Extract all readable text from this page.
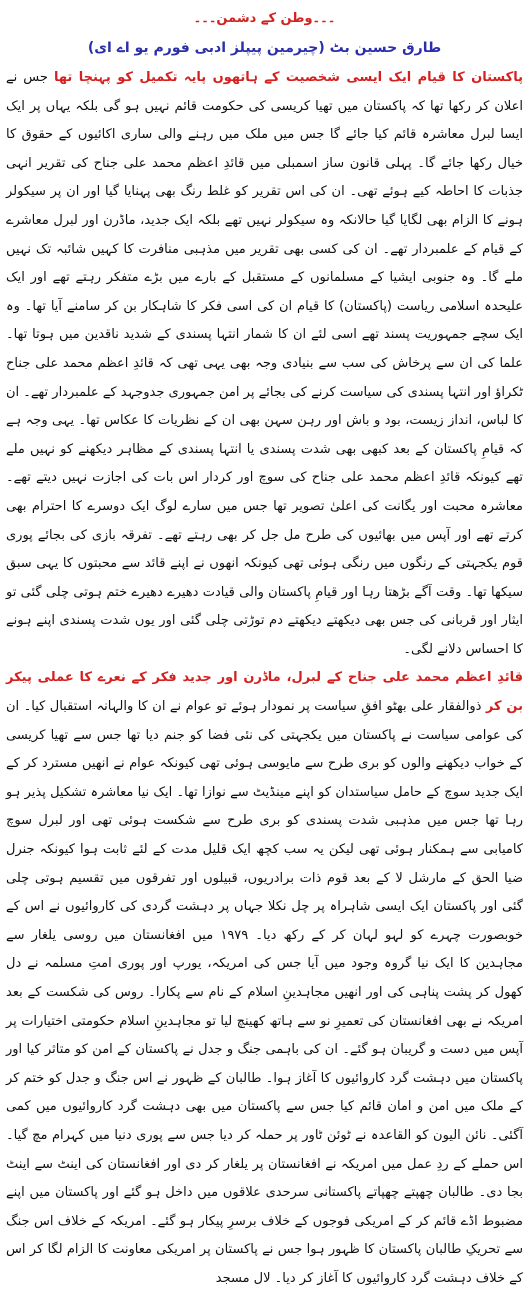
۔۔۔وطن کے دشمن۔۔۔
طارق حسین بٹ (چیرمین پیپلز ادبی فورم یو اے ای)

پاکستان کا قیام ایک ایسی شخصیت کے ہاتھوں پایہ تکمیل کو پہنچا تھا جس نے اعلان کر رکھا تھا کہ پاکستان میں تھیا کریسی کی حکومت قائم نہیں ہو گی بلکہ یہاں پر ایک ایسا لبرل معاشرہ قائم کیا جائے گا جس میں ملک میں رہنے والی ساری اکائیوں کے حقوق کا خیال رکھا جائے گا۔ پہلی قانون ساز اسمبلی میں قائدِ اعظم محمد علی جناح کی تقریر انہی جذبات کا احاطہ کیے ہوئے تھی۔ ان کی اس تقریر کو غلط رنگ بھی پہنایا گیا اور ان پر سیکولر ہونے کا الزام بھی لگایا گیا حالانکہ وہ سیکولر نہیں تھے بلکہ ایک جدید، ماڈرن اور لبرل معاشرے کے قیام کے علمبردار تھے۔ ان کی کسی بھی تقریر میں مذہبی منافرت کا کہیں شائبہ تک نہیں ملے گا۔ وہ جنوبی ایشیا کے مسلمانوں کے مستقبل کے بارے میں بڑے متفکر رہتے تھے اور ایک علیحدہ اسلامی ریاست (پاکستان) کا قیام ان کی اسی فکر کا شاہکار بن کر سامنے آیا تھا۔ وہ ایک سچے جمہوریت پسند تھے اسی لئے ان کا شمار انتہا پسندی کے شدید ناقدین میں ہوتا تھا۔ علما کی ان سے پرخاش کی سب سے بنیادی وجہ بھی یہی تھی کہ قائدِ اعظم محمد علی جناح ٹکراؤ اور انتہا پسندی کی سیاست کرنے کی بجائے پر امن جمہوری جدوجہد کے علمبردار تھے۔ ان کا لباس، انداز زیست، بود و باش اور رہن سہن بھی ان کے نظریات کا عکاس تھا۔ یہی وجہ ہے کہ قیامِ پاکستان کے بعد کبھی بھی شدت پسندی یا انتہا پسندی کے مظاہر دیکھنے کو نہیں ملے تھے کیونکہ قائدِ اعظم محمد علی جناح کی سوچ اور کردار اس بات کی اجازت نہیں دیتے تھے۔ معاشرہ محبت اور یگانت کی اعلیٰ تصویر تھا جس میں سارے لوگ ایک دوسرے کا احترام بھی کرتے تھے اور آپس میں بھائیوں کی طرح مل جل کر بھی رہتے تھے۔ تفرقہ بازی کی بجائے پوری قوم یکجہتی کے رنگوں میں رنگی ہوئی تھی کیونکہ انھوں نے اپنے قائد سے محبتوں کا یہی سبق سیکھا تھا۔ وقت آگے بڑھتا رہا اور قیامِ پاکستان والی قیادت دھیرے دھیرے ختم ہوتی چلی گئی تو ایثار اور قربانی کی جس بھی دیکھتے دیکھتے دم توڑتی چلی گئی اور یوں شدت پسندی اپنے ہونے کا احساس دلانے لگی۔

قائدِ اعظم محمد علی جناح کے لبرل، ماڈرن اور جدید فکر کے نعرے کا عملی پیکر بن کر ذوالفقار علی بھٹو افقِ سیاست پر نمودار ہوئے تو عوام نے ان کا والہانہ استقبال کیا۔ ان کی عوامی سیاست نے پاکستان میں یکجہتی کی نئی فضا کو جنم دیا تھا جس سے تھیا کریسی کے خواب دیکھنے والوں کو بری طرح سے مایوسی ہوئی تھی کیونکہ عوام نے انھیں مسترد کر کے ایک جدید سوچ کے حامل سیاستدان کو اپنے مینڈیٹ سے نوازا تھا۔ ایک نیا معاشرہ تشکیل پذیر ہو رہا تھا جس میں مذہبی شدت پسندی کو بری طرح سے شکست ہوئی تھی اور لبرل سوچ کامیابی سے ہمکنار ہوئی تھی لیکن یہ سب کچھ ایک قلیل مدت کے لئے ثابت ہوا کیونکہ جنرل ضیا الحق کے مارشل لا کے بعد قوم ذات برادریوں، قبیلوں اور تفرقوں میں تقسیم ہوتی چلی گئی اور پاکستان ایک ایسی شاہراہ پر چل نکلا جہاں پر دہشت گردی کی کاروائیوں نے اس کے خوبصورت چہرے کو لہو لہان کر کے رکھ دیا۔ ۱۹۷۹ میں افغانستان میں روسی یلغار سے مجاہدین کا ایک نیا گروہ وجود میں آیا جس کی امریکہ، یورپ اور پوری امتِ مسلمہ نے دل کھول کر پشت پناہی کی اور انھیں مجاہدینِ اسلام کے نام سے پکارا۔ روس کی شکست کے بعد امریکہ نے بھی افغانستان کی تعمیرِ نو سے ہاتھ کھینچ لیا تو مجاہدینِ اسلام حکومتی اختیارات پر آپس میں دست و گریبان ہو گئے۔ ان کی باہمی جنگ و جدل نے پاکستان کے امن کو متاثر کیا اور پاکستان میں دہشت گرد کاروائیوں کا آغاز ہوا۔ طالبان کے ظہور نے اس جنگ و جدل کو ختم کر کے ملک میں امن و امان قائم کیا جس سے پاکستان میں بھی دہشت گرد کاروائیوں میں کمی آگئی۔ نائن الیون کو القاعدہ نے ٹوئن ٹاور پر حملہ کر دیا جس سے پوری دنیا میں کہرام مچ گیا۔ اس حملے کے ردِ عمل میں امریکہ نے افغانستان پر یلغار کر دی اور افغانستان کی اینٹ سے اینٹ بجا دی۔ طالبان چھپتے چھپاتے پاکستانی سرحدی علاقوں میں داخل ہو گئے اور پاکستان میں اپنے مضبوط اڈے قائم کر کے امریکی فوجوں کے خلاف برسرِ پیکار ہو گئے۔ امریکہ کے خلاف اس جنگ سے تحریکِ طالبان پاکستان کا ظہور ہوا جس نے پاکستان پر امریکی معاونت کا الزام لگا کر اس کے خلاف دہشت گرد کاروائیوں کا آغاز کر دیا۔ لال مسجد
